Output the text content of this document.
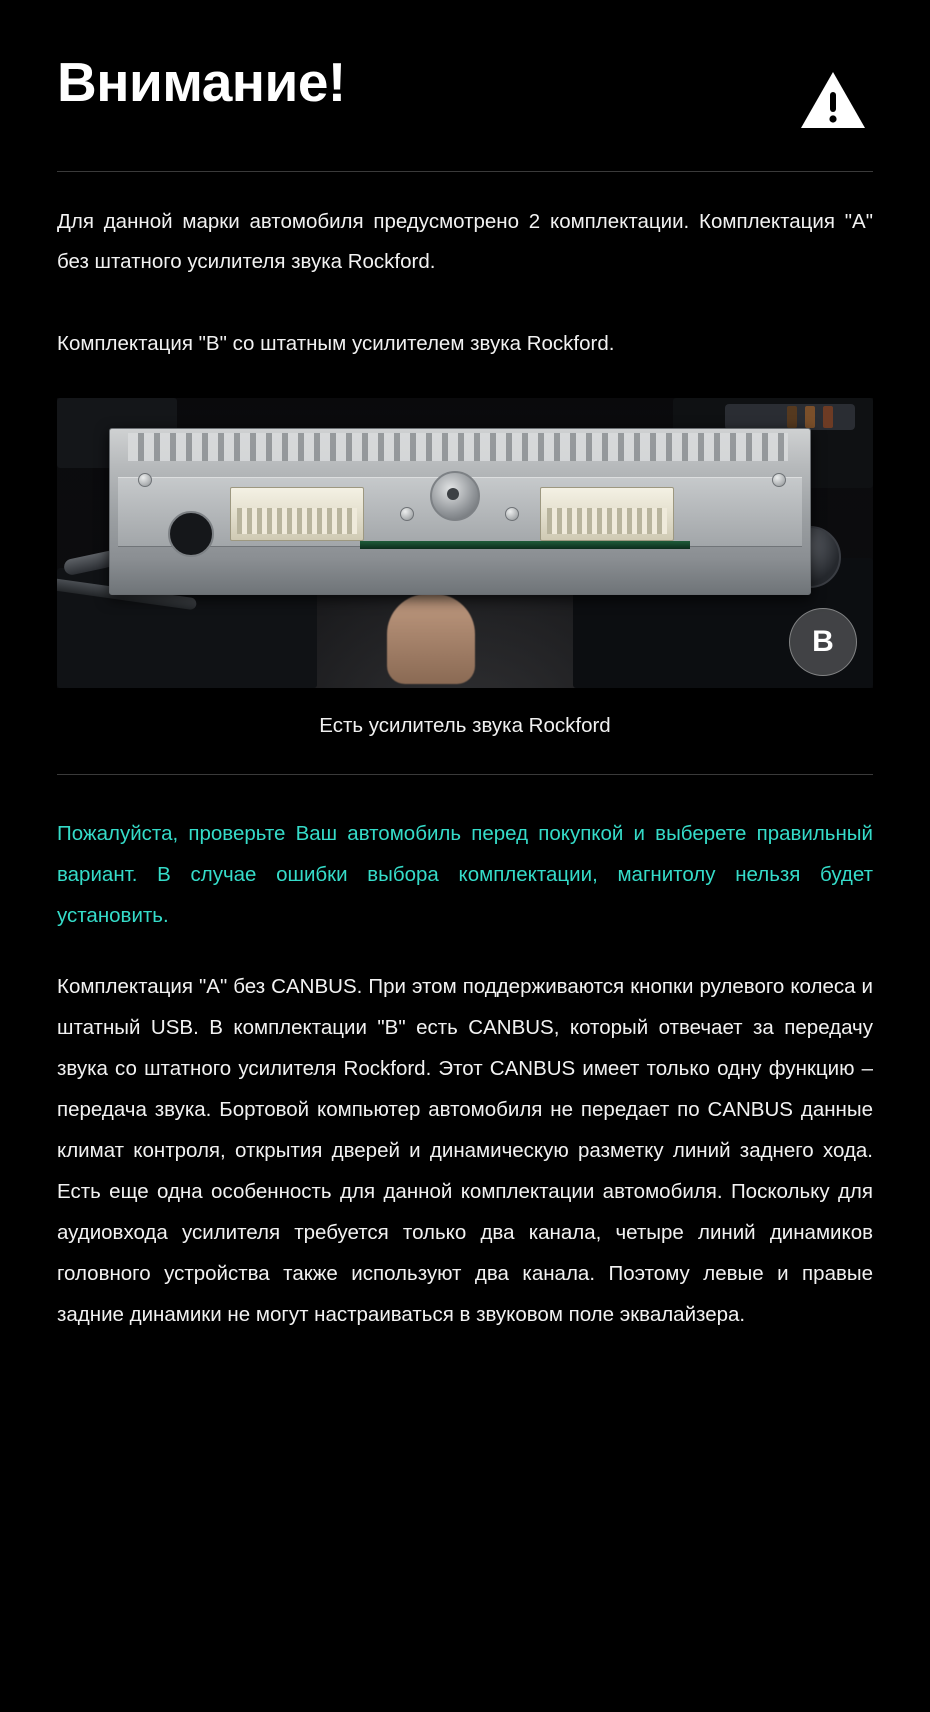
Внимание!

Для данной марки автомобиля предусмотрено 2 комплектации. Комплектация "A" без штатного усилителя звука Rockford.

Комплектация "B" со штатным усилителем звука Rockford.

B

Есть усилитель звука Rockford

Пожалуйста, проверьте Ваш автомобиль перед покупкой и выберете правильный вариант. В случае ошибки выбора комплектации, магнитолу нельзя будет установить.

Комплектация "A" без CANBUS. При этом поддерживаются кнопки рулевого колеса и штатный USB. В комплектации "B" есть CANBUS, который отвечает за передачу звука со штатного усилителя Rockford. Этот CANBUS имеет только одну функцию – передача звука. Бортовой компьютер автомобиля не передает по CANBUS данные климат контроля, открытия дверей и динамическую разметку линий заднего хода. Есть еще одна особенность для данной комплектации автомобиля. Поскольку для аудиовхода усилителя требуется только два канала, четыре линий динамиков головного устройства также используют два канала. Поэтому левые и правые задние динамики не могут настраиваться в звуковом поле эквалайзера.
